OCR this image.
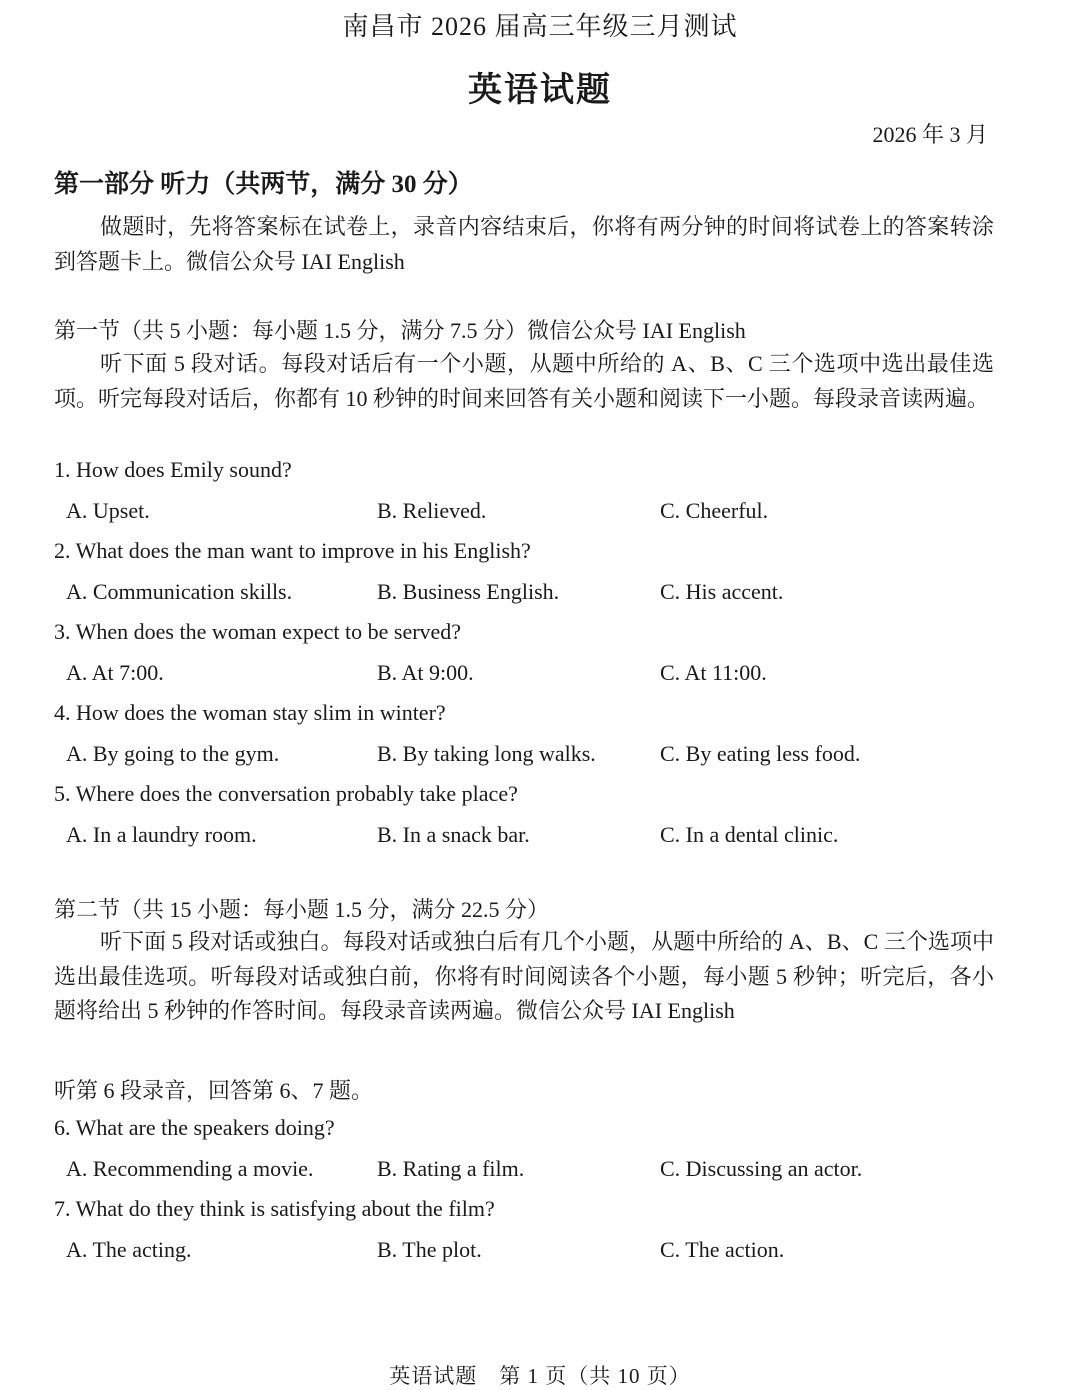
南昌市 2026 届高三年级三月测试
英语试题
2026 年 3 月
第一部分 听力（共两节，满分 30 分）
做题时，先将答案标在试卷上，录音内容结束后，你将有两分钟的时间将试卷上的答案转涂到答题卡上。微信公众号 IAI English
第一节（共 5 小题：每小题 1.5 分，满分 7.5 分）微信公众号 IAI English
听下面 5 段对话。每段对话后有一个小题，从题中所给的 A、B、C 三个选项中选出最佳选项。听完每段对话后，你都有 10 秒钟的时间来回答有关小题和阅读下一小题。每段录音读两遍。
1. How does Emily sound?
A. Upset.	B. Relieved.	C. Cheerful.
2. What does the man want to improve in his English?
A. Communication skills.	B. Business English.	C. His accent.
3. When does the woman expect to be served?
A. At 7:00.	B. At 9:00.	C. At 11:00.
4. How does the woman stay slim in winter?
A. By going to the gym.	B. By taking long walks.	C. By eating less food.
5. Where does the conversation probably take place?
A. In a laundry room.	B. In a snack bar.	C. In a dental clinic.
第二节（共 15 小题：每小题 1.5 分，满分 22.5 分）
听下面 5 段对话或独白。每段对话或独白后有几个小题，从题中所给的 A、B、C 三个选项中选出最佳选项。听每段对话或独白前，你将有时间阅读各个小题，每小题 5 秒钟；听完后，各小题将给出 5 秒钟的作答时间。每段录音读两遍。微信公众号 IAI English
听第 6 段录音，回答第 6、7 题。
6. What are the speakers doing?
A. Recommending a movie.	B. Rating a film.	C. Discussing an actor.
7. What do they think is satisfying about the film?
A. The acting.	B. The plot.	C. The action.
英语试题　第 1 页（共 10 页）
